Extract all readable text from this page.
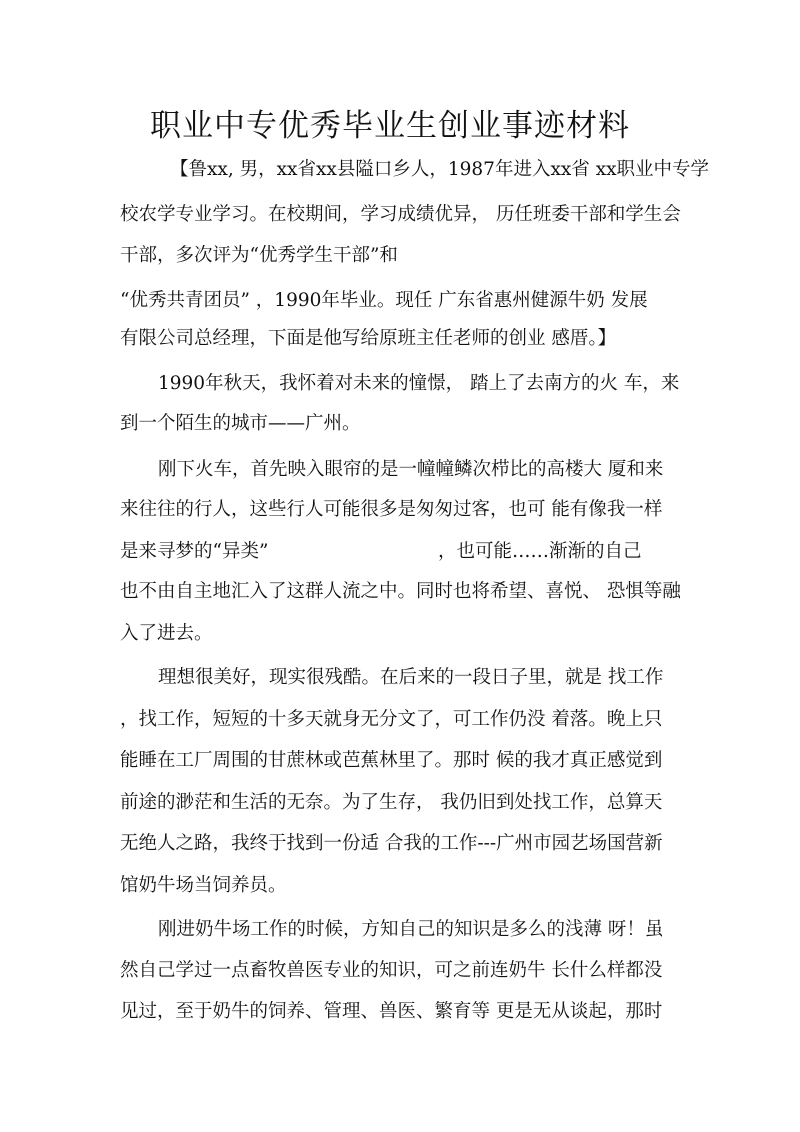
职业中专优秀毕业生创业事迹材料
【鲁xx, 男，xx省xx县隘口乡人，1987年进入xx省 xx职业中专学
校农学专业学习。在校期间，学习成绩优异， 历任班委干部和学生会
干部，多次评为“优秀学生干部”和
“优秀共青团员” ，1990年毕业。现任 广东省惠州健源牛奶 发展
有限公司总经理，下面是他写给原班主任老师的创业 感厝。】
1990年秋天，我怀着对未来的憧憬， 踏上了去南方的火 车，来
到一个陌生的城市——广州。
刚下火车，首先映入眼帘的是一幢幢鳞次栉比的高楼大 厦和来
来往往的行人，这些行人可能很多是匆匆过客，也可 能有像我一样
是来寻梦的“异类”	，也可能……渐渐的自己
也不由自主地汇入了这群人流之中。同时也将希望、喜悦、 恐惧等融
入了进去。
理想很美好，现实很残酷。在后来的一段日子里，就是 找工作
，找工作，短短的十多天就身无分文了，可工作仍没 着落。晚上只
能睡在工厂周围的甘蔗林或芭蕉林里了。那时 候的我才真正感觉到
前途的渺茫和生活的无奈。为了生存， 我仍旧到处找工作，总算天
无绝人之路，我终于找到一份适 合我的工作---广州市园艺场国营新
馆奶牛场当饲养员。
刚进奶牛场工作的时候，方知自己的知识是多么的浅薄 呀！虽
然自己学过一点畜牧兽医专业的知识，可之前连奶牛 长什么样都没
见过，至于奶牛的饲养、管理、兽医、繁育等 更是无从谈起，那时
